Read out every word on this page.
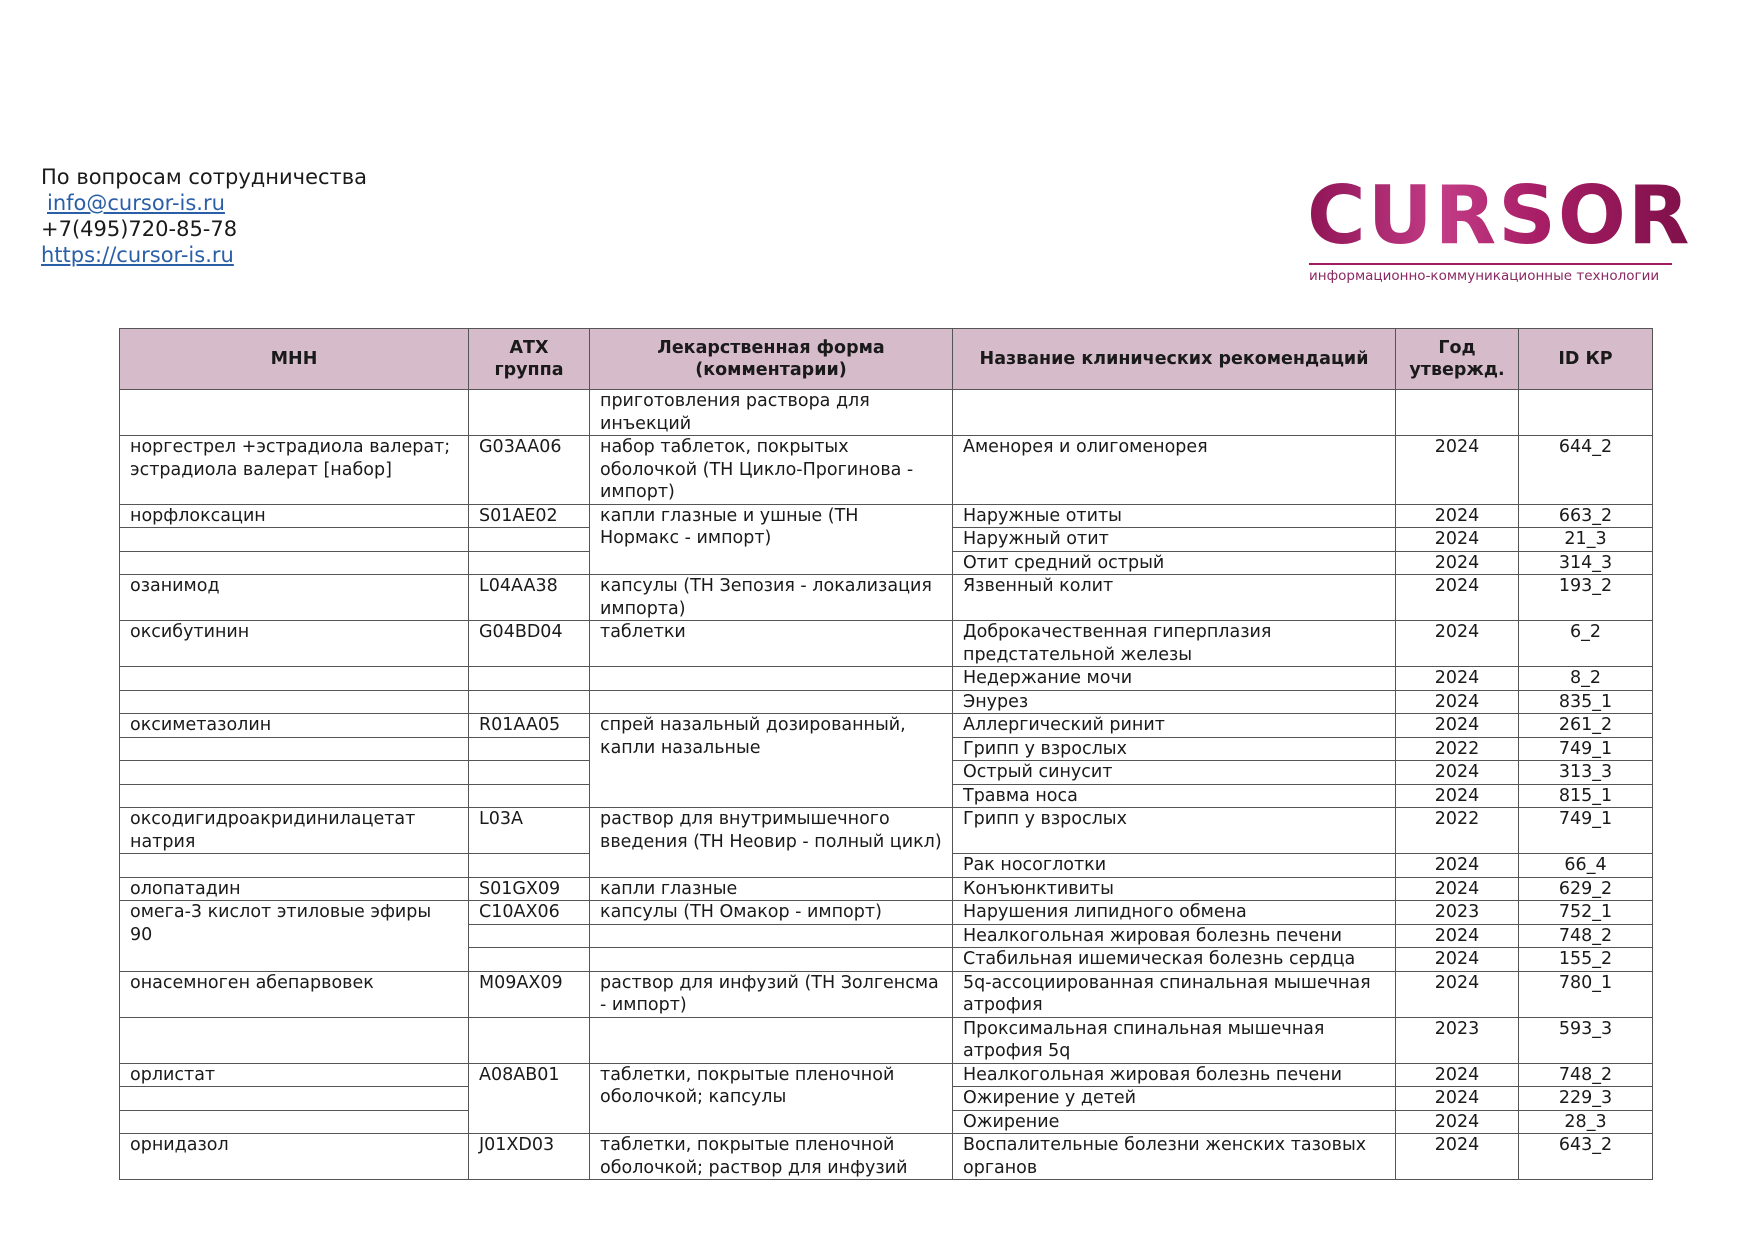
По вопросам сотрудничества
info@cursor-is.ru
+7(495)720-85-78
https://cursor-is.ru	CURSOR
информационно-коммуникационные технологии
МНН	АТХ группа	Лекарственная форма (комментарии)	Название клинических рекомендаций	Год утвержд.	ID КР
		приготовления раствора для инъекций			
норгестрел +эстрадиола валерат; эстрадиола валерат [набор]	G03AA06	набор таблеток, покрытых оболочкой (ТН Цикло-Прогинова - импорт)	Аменорея и олигоменорея	2024	644_2
норфлоксацин	S01AE02	капли глазные и ушные (ТН Нормакс - импорт)	Наружные отиты	2024	663_2
			Наружный отит	2024	21_3
			Отит средний острый	2024	314_3
озанимод	L04AA38	капсулы (ТН Зепозия - локализация импорта)	Язвенный колит	2024	193_2
оксибутинин	G04BD04	таблетки	Доброкачественная гиперплазия предстательной железы	2024	6_2
			Недержание мочи	2024	8_2
			Энурез	2024	835_1
оксиметазолин	R01AA05	спрей назальный дозированный, капли назальные	Аллергический ринит	2024	261_2
			Грипп у взрослых	2022	749_1
			Острый синусит	2024	313_3
			Травма носа	2024	815_1
оксодигидроакридинилацетат натрия	L03A	раствор для внутримышечного введения (ТН Неовир - полный цикл)	Грипп у взрослых	2022	749_1
			Рак носоглотки	2024	66_4
олопатадин	S01GX09	капли глазные	Конъюнктивиты	2024	629_2
омега-3 кислот этиловые эфиры 90	C10AX06	капсулы (ТН Омакор - импорт)	Нарушения липидного обмена	2023	752_1
			Неалкогольная жировая болезнь печени	2024	748_2
			Стабильная ишемическая болезнь сердца	2024	155_2
онасемноген абепарвовек	M09AX09	раствор для инфузий (ТН Золгенсма - импорт)	5q-ассоциированная спинальная мышечная атрофия	2024	780_1
			Проксимальная спинальная мышечная атрофия 5q	2023	593_3
орлистат	A08AB01	таблетки, покрытые пленочной оболочкой; капсулы	Неалкогольная жировая болезнь печени	2024	748_2
			Ожирение у детей	2024	229_3
			Ожирение	2024	28_3
орнидазол	J01XD03	таблетки, покрытые пленочной оболочкой; раствор для инфузий	Воспалительные болезни женских тазовых органов	2024	643_2
